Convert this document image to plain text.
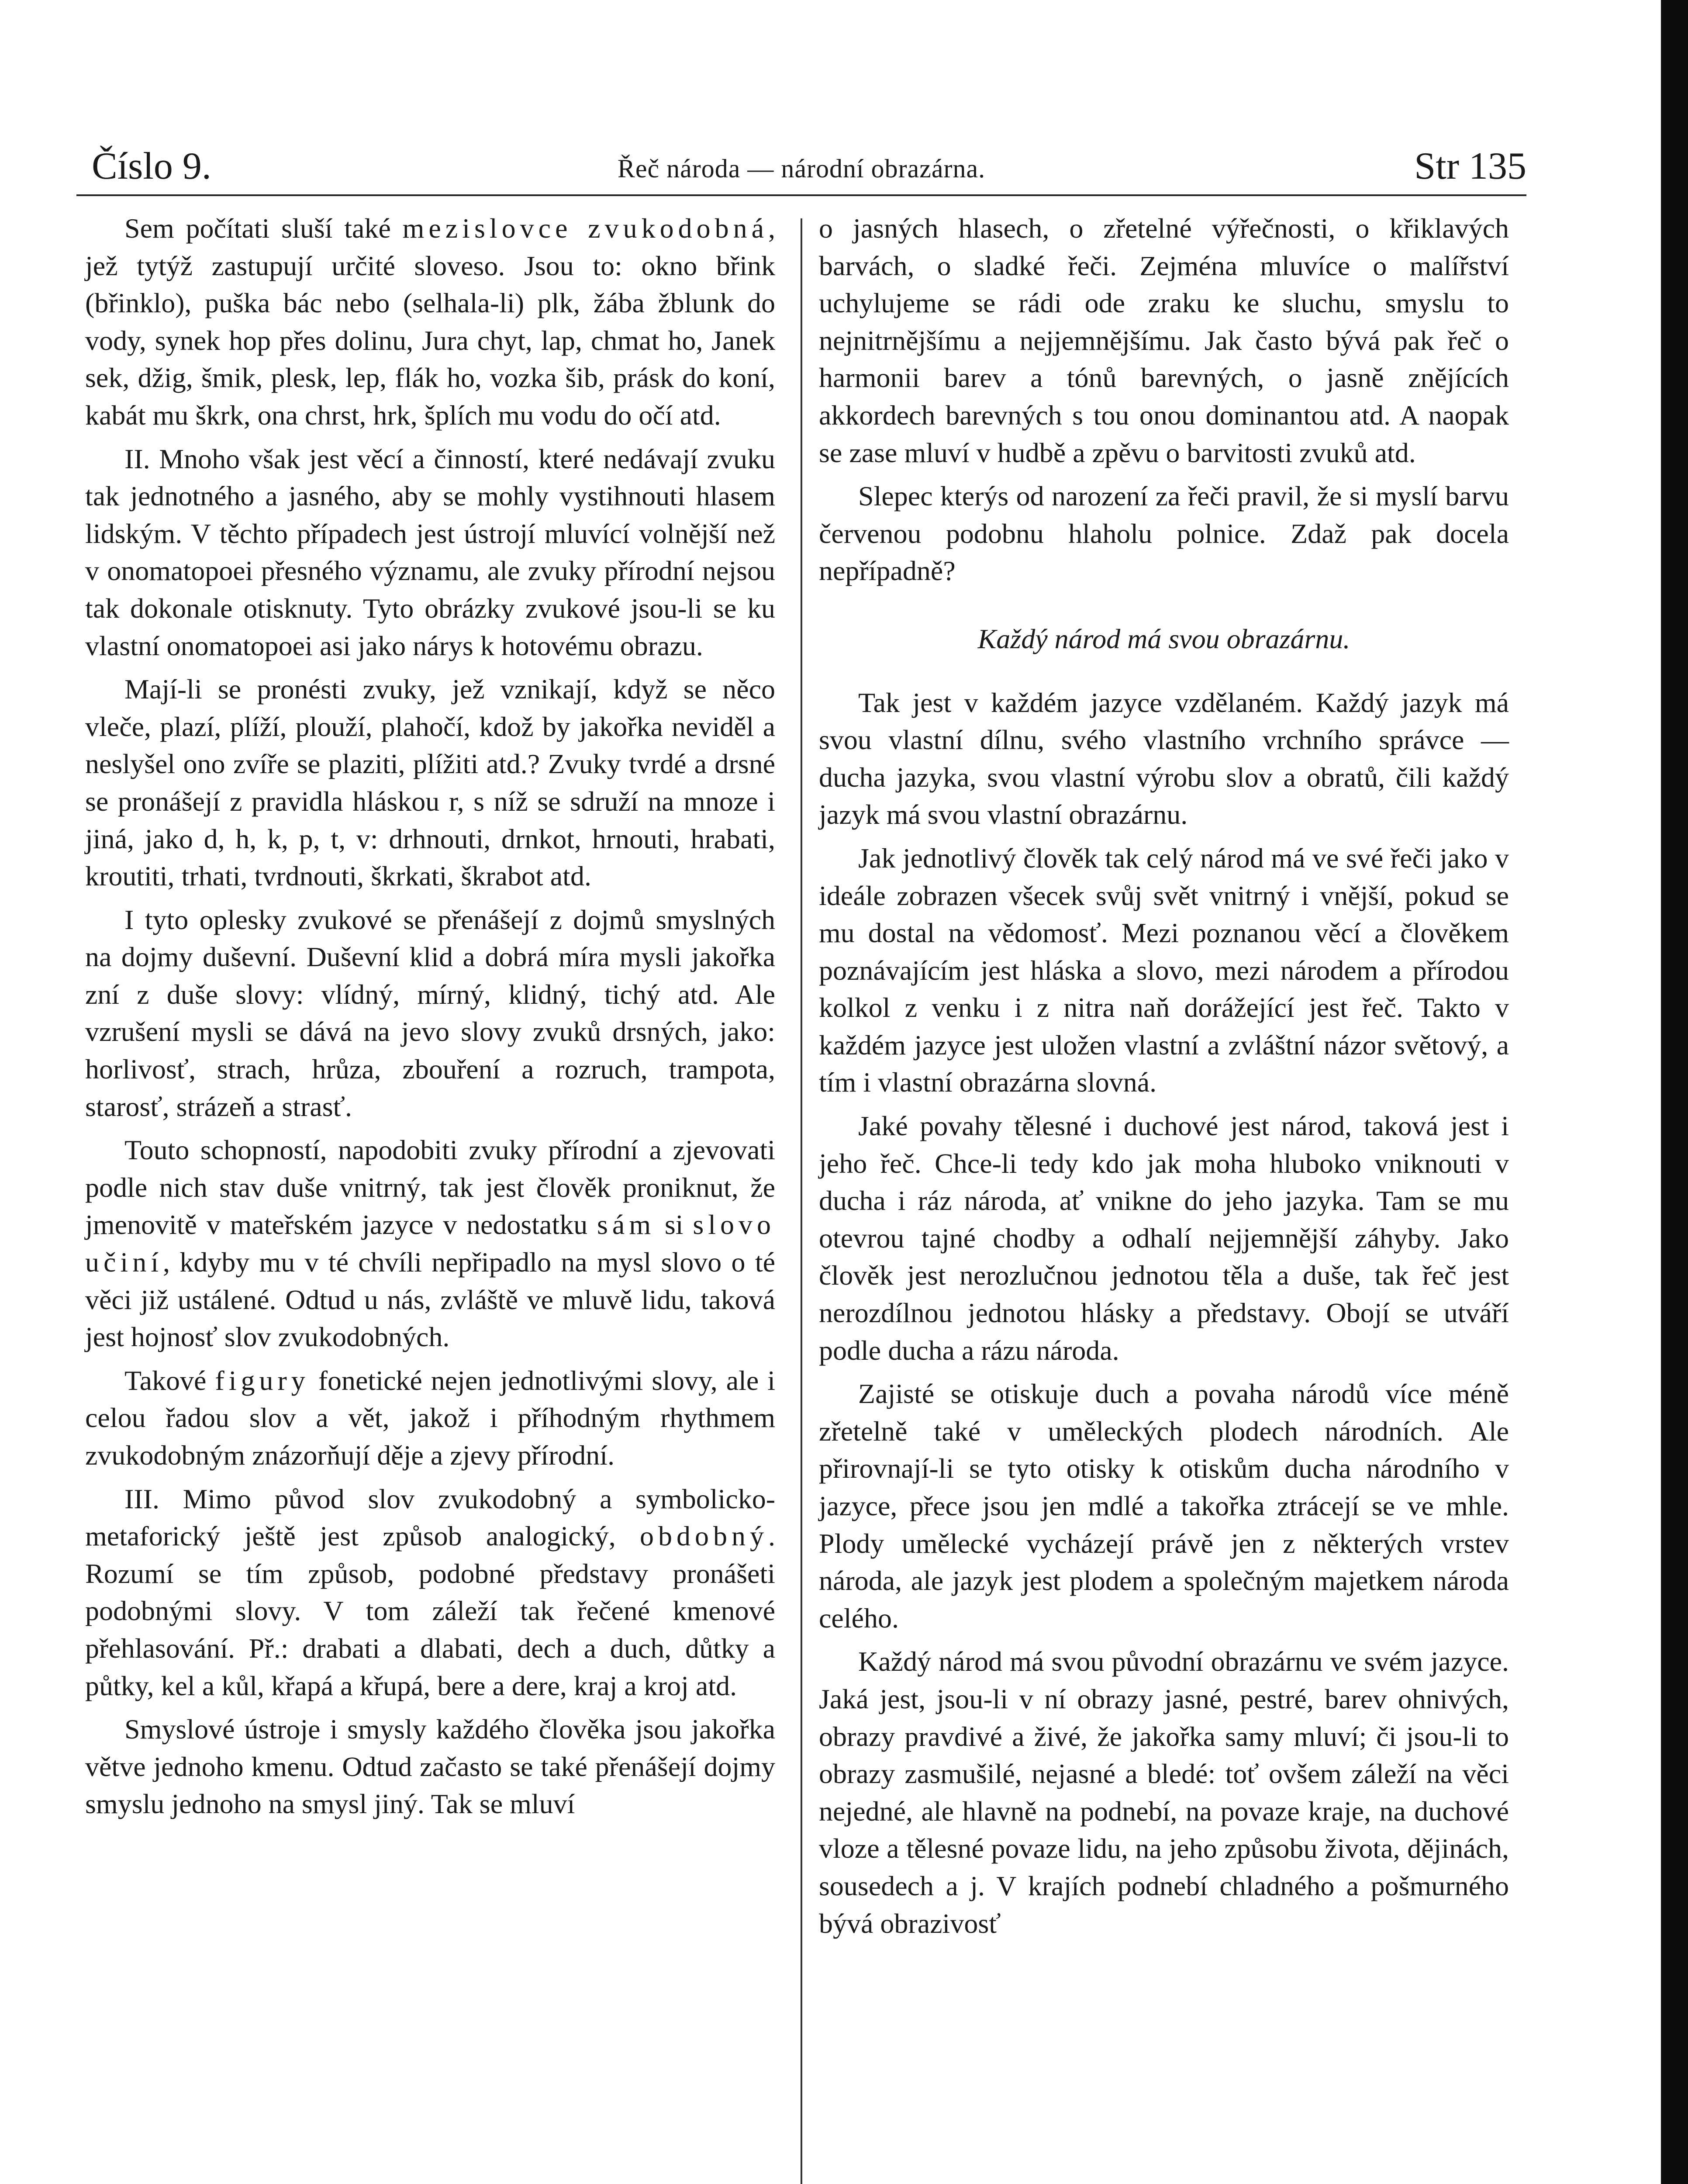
Číslo 9.	Řeč národa — národní obrazárna.	Str 135

Sem počítati sluší také mezislovce zvukodobná, jež tytýž zastupují určité sloveso. Jsou to: okno břink (břinklo), puška bác nebo (selhala-li) plk, žába žblunk do vody, synek hop přes dolinu, Jura chyt, lap, chmat ho, Janek sek, džig, šmik, plesk, lep, flák ho, vozka šib, prásk do koní, kabát mu škrk, ona chrst, hrk, šplích mu vodu do očí atd.

II. Mnoho však jest věcí a činností, které nedávají zvuku tak jednotného a jasného, aby se mohly vystihnouti hlasem lidským. V těchto případech jest ústrojí mluvící volnější než v onomatopoei přesného významu, ale zvuky přírodní nejsou tak dokonale otisknuty. Tyto obrázky zvukové jsou-li se ku vlastní onomatopoei asi jako nárys k hotovému obrazu.

Mají-li se pronésti zvuky, jež vznikají, když se něco vleče, plazí, plíží, plouží, plahočí, kdož by jakořka neviděl a neslyšel ono zvíře se plaziti, plížiti atd.? Zvuky tvrdé a drsné se pronášejí z pravidla hláskou r, s níž se sdruží na mnoze i jiná, jako d, h, k, p, t, v: drhnouti, drnkot, hrnouti, hrabati, kroutiti, trhati, tvrdnouti, škrkati, škrabot atd.

I tyto oplesky zvukové se přenášejí z dojmů smyslných na dojmy duševní. Duševní klid a dobrá míra mysli jakořka zní z duše slovy: vlídný, mírný, klidný, tichý atd. Ale vzrušení mysli se dává na jevo slovy zvuků drsných, jako: horlivosť, strach, hrůza, zbouření a rozruch, trampota, starosť, strázeň a strasť.

Touto schopností, napodobiti zvuky přírodní a zjevovati podle nich stav duše vnitrný, tak jest člověk proniknut, že jmenovitě v mateřském jazyce v nedostatku sám si slovo učiní, kdyby mu v té chvíli nepřipadlo na mysl slovo o té věci již ustálené. Odtud u nás, zvláště ve mluvě lidu, taková jest hojnosť slov zvukodobných.

Takové figury fonetické nejen jednotlivými slovy, ale i celou řadou slov a vět, jakož i příhodným rhythmem zvukodobným znázorňují děje a zjevy přírodní.

III. Mimo původ slov zvukodobný a symbolicko-metaforický ještě jest způsob analogický, obdobný. Rozumí se tím způsob, podobné představy pronášeti podobnými slovy. V tom záleží tak řečené kmenové přehlasování. Př.: drabati a dlabati, dech a duch, důtky a půtky, kel a kůl, křapá a křupá, bere a dere, kraj a kroj atd.

Smyslové ústroje i smysly každého člověka jsou jakořka větve jednoho kmenu. Odtud začasto se také přenášejí dojmy smyslu jednoho na smysl jiný. Tak se mluví

o jasných hlasech, o zřetelné výřečnosti, o křiklavých barvách, o sladké řeči. Zejména mluvíce o malířství uchylujeme se rádi ode zraku ke sluchu, smyslu to nejnitrnějšímu a nejjemnějšímu. Jak často bývá pak řeč o harmonii barev a tónů barevných, o jasně znějících akkordech barevných s tou onou dominantou atd. A naopak se zase mluví v hudbě a zpěvu o barvitosti zvuků atd.

Slepec kterýs od narození za řeči pravil, že si myslí barvu červenou podobnu hlaholu polnice. Zdaž pak docela nepřípadně?

Každý národ má svou obrazárnu.

Tak jest v každém jazyce vzdělaném. Každý jazyk má svou vlastní dílnu, svého vlastního vrchního správce — ducha jazyka, svou vlastní výrobu slov a obratů, čili každý jazyk má svou vlastní obrazárnu.

Jak jednotlivý člověk tak celý národ má ve své řeči jako v ideále zobrazen všecek svůj svět vnitrný i vnější, pokud se mu dostal na vědomosť. Mezi poznanou věcí a člověkem poznávajícím jest hláska a slovo, mezi národem a přírodou kolkol z venku i z nitra naň dorážející jest řeč. Takto v každém jazyce jest uložen vlastní a zvláštní názor světový, a tím i vlastní obrazárna slovná.

Jaké povahy tělesné i duchové jest národ, taková jest i jeho řeč. Chce-li tedy kdo jak moha hluboko vniknouti v ducha i ráz národa, ať vnikne do jeho jazyka. Tam se mu otevrou tajné chodby a odhalí nejjemnější záhyby. Jako člověk jest nerozlučnou jednotou těla a duše, tak řeč jest nerozdílnou jednotou hlásky a představy. Obojí se utváří podle ducha a rázu národa.

Zajisté se otiskuje duch a povaha národů více méně zřetelně také v uměleckých plodech národních. Ale přirovnají-li se tyto otisky k otiskům ducha národního v jazyce, přece jsou jen mdlé a takořka ztrácejí se ve mhle. Plody umělecké vycházejí právě jen z některých vrstev národa, ale jazyk jest plodem a společným majetkem národa celého.

Každý národ má svou původní obrazárnu ve svém jazyce. Jaká jest, jsou-li v ní obrazy jasné, pestré, barev ohnivých, obrazy pravdivé a živé, že jakořka samy mluví; či jsou-li to obrazy zasmušilé, nejasné a bledé: toť ovšem záleží na věci nejedné, ale hlavně na podnebí, na povaze kraje, na duchové vloze a tělesné povaze lidu, na jeho způsobu života, dějinách, sousedech a j. V krajích podnebí chladného a pošmurného bývá obrazivosť
